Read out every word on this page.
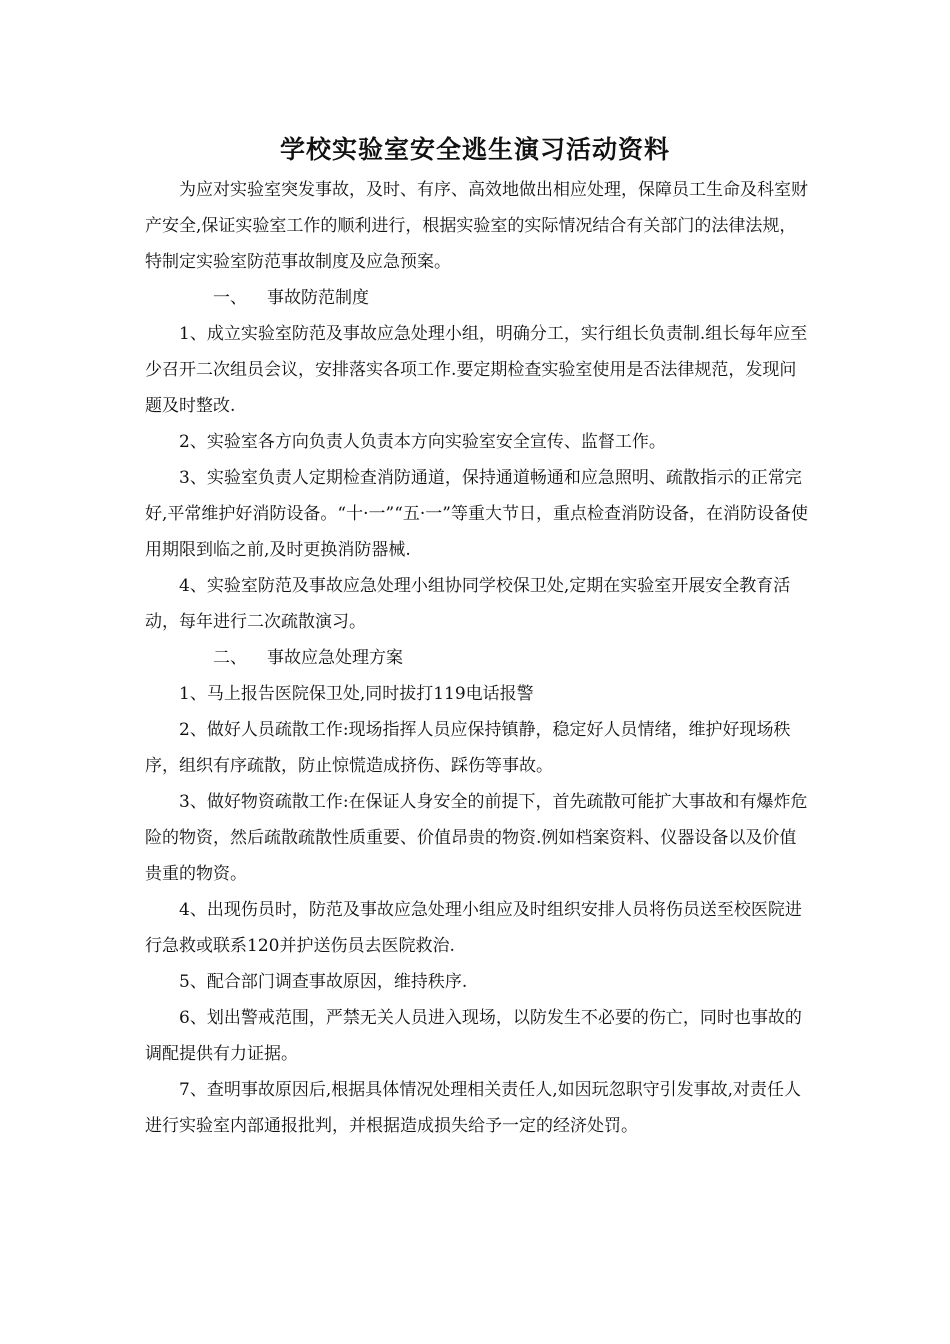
学校实验室安全逃生演习活动资料

为应对实验室突发事故，及时、有序、高效地做出相应处理，保障员工生命及科室财产安全,保证实验室工作的顺利进行，根据实验室的实际情况结合有关部门的法律法规，特制定实验室防范事故制度及应急预案。

一、 事故防范制度

1、成立实验室防范及事故应急处理小组，明确分工，实行组长负责制.组长每年应至少召开二次组员会议，安排落实各项工作.要定期检查实验室使用是否法律规范，发现问题及时整改.

2、实验室各方向负责人负责本方向实验室安全宣传、监督工作。

3、实验室负责人定期检查消防通道，保持通道畅通和应急照明、疏散指示的正常完好,平常维护好消防设备。“十·一”“五·一”等重大节日，重点检查消防设备，在消防设备使用期限到临之前,及时更换消防器械.

4、实验室防范及事故应急处理小组协同学校保卫处,定期在实验室开展安全教育活动，每年进行二次疏散演习。

二、 事故应急处理方案

1、马上报告医院保卫处,同时拔打119电话报警

2、做好人员疏散工作:现场指挥人员应保持镇静，稳定好人员情绪，维护好现场秩序，组织有序疏散，防止惊慌造成挤伤、踩伤等事故。

3、做好物资疏散工作:在保证人身安全的前提下，首先疏散可能扩大事故和有爆炸危险的物资，然后疏散疏散性质重要、价值昂贵的物资.例如档案资料、仪器设备以及价值贵重的物资。

4、出现伤员时，防范及事故应急处理小组应及时组织安排人员将伤员送至校医院进行急救或联系120并护送伤员去医院救治.

5、配合部门调查事故原因，维持秩序.

6、划出警戒范围，严禁无关人员进入现场，以防发生不必要的伤亡，同时也事故的调配提供有力证据。

7、查明事故原因后,根据具体情况处理相关责任人,如因玩忽职守引发事故,对责任人进行实验室内部通报批判，并根据造成损失给予一定的经济处罚。
